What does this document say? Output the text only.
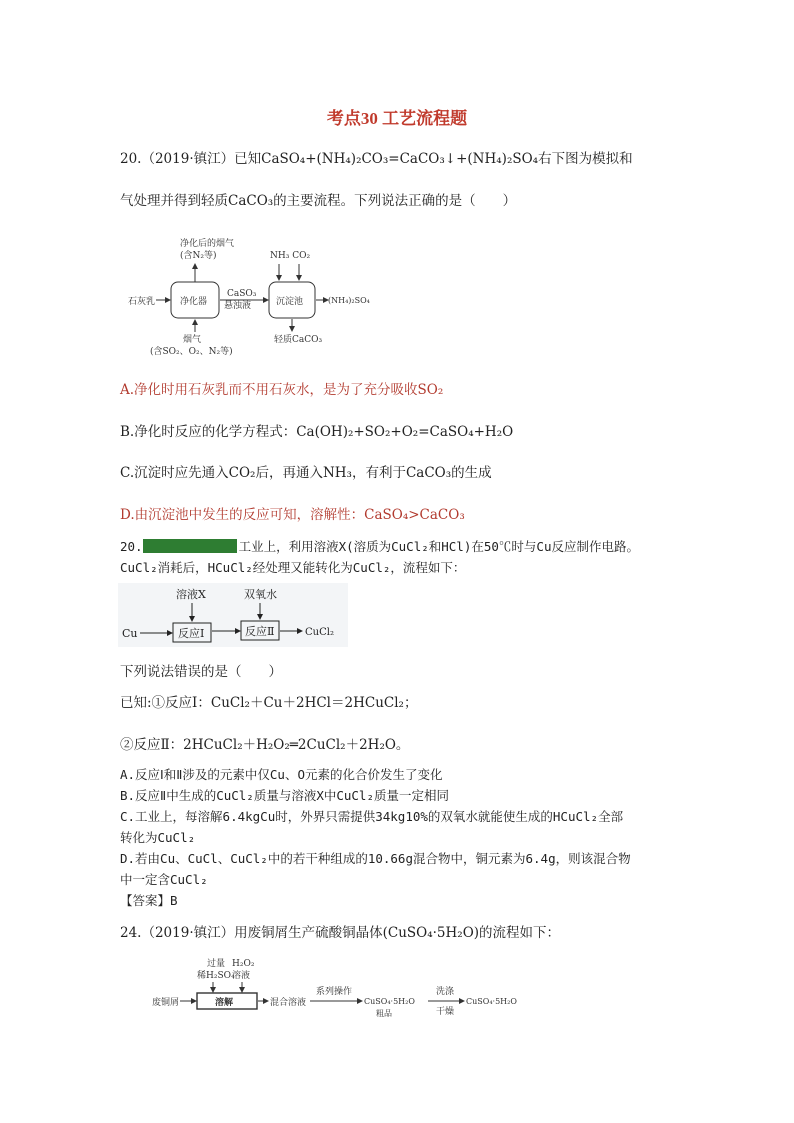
考点30 工艺流程题
20.（2019·镇江）已知CaSO₄+(NH₄)₂CO₃=CaCO₃↓+(NH₄)₂SO₄右下图为模拟和
气处理并得到轻质CaCO₃的主要流程。下列说法正确的是（　　）
净化后的烟气
(含N₂等)
石灰乳	净化器
CaSO₃
悬浊液
NH₃ CO₂
沉淀池	(NH₄)₂SO₄
烟气
(含SO₂、O₂、N₂等)
轻质CaCO₃
A.净化时用石灰乳而不用石灰水，是为了充分吸收SO₂
B.净化时反应的化学方程式：Ca(OH)₂+SO₂+O₂=CaSO₄+H₂O
C.沉淀时应先通入CO₂后，再通入NH₃，有利于CaCO₃的生成
D.由沉淀池中发生的反应可知，溶解性：CaSO₄>CaCO₃
20.	工业上，利用溶液X(溶质为CuCl₂和HCl)在50℃时与Cu反应制作电路。
CuCl₂消耗后，HCuCl₂经处理又能转化为CuCl₂，流程如下：
溶液X	双氧水
Cu	反应Ⅰ	反应Ⅱ	CuCl₂
下列说法错误的是（　　）
已知:①反应Ⅰ：CuCl₂＋Cu＋2HCl＝2HCuCl₂；
②反应Ⅱ：2HCuCl₂＋H₂O₂═2CuCl₂＋2H₂O。
A.反应Ⅰ和Ⅱ涉及的元素中仅Cu、O元素的化合价发生了变化
B.反应Ⅱ中生成的CuCl₂质量与溶液X中CuCl₂质量一定相同
C.工业上，每溶解6.4kgCu时，外界只需提供34kg10%的双氧水就能使生成的HCuCl₂全部
转化为CuCl₂
D.若由Cu、CuCl、CuCl₂中的若干种组成的10.66g混合物中，铜元素为6.4g，则该混合物
中一定含CuCl₂
【答案】B
24.（2019·镇江）用废铜屑生产硫酸铜晶体(CuSO₄·5H₂O)的流程如下：
过量
稀H₂SO₄
H₂O₂
溶液
废铜屑	溶解	混合溶液
系列操作
CuSO₄·5H₂O
粗品
洗涤
干燥
CuSO₄·5H₂O
